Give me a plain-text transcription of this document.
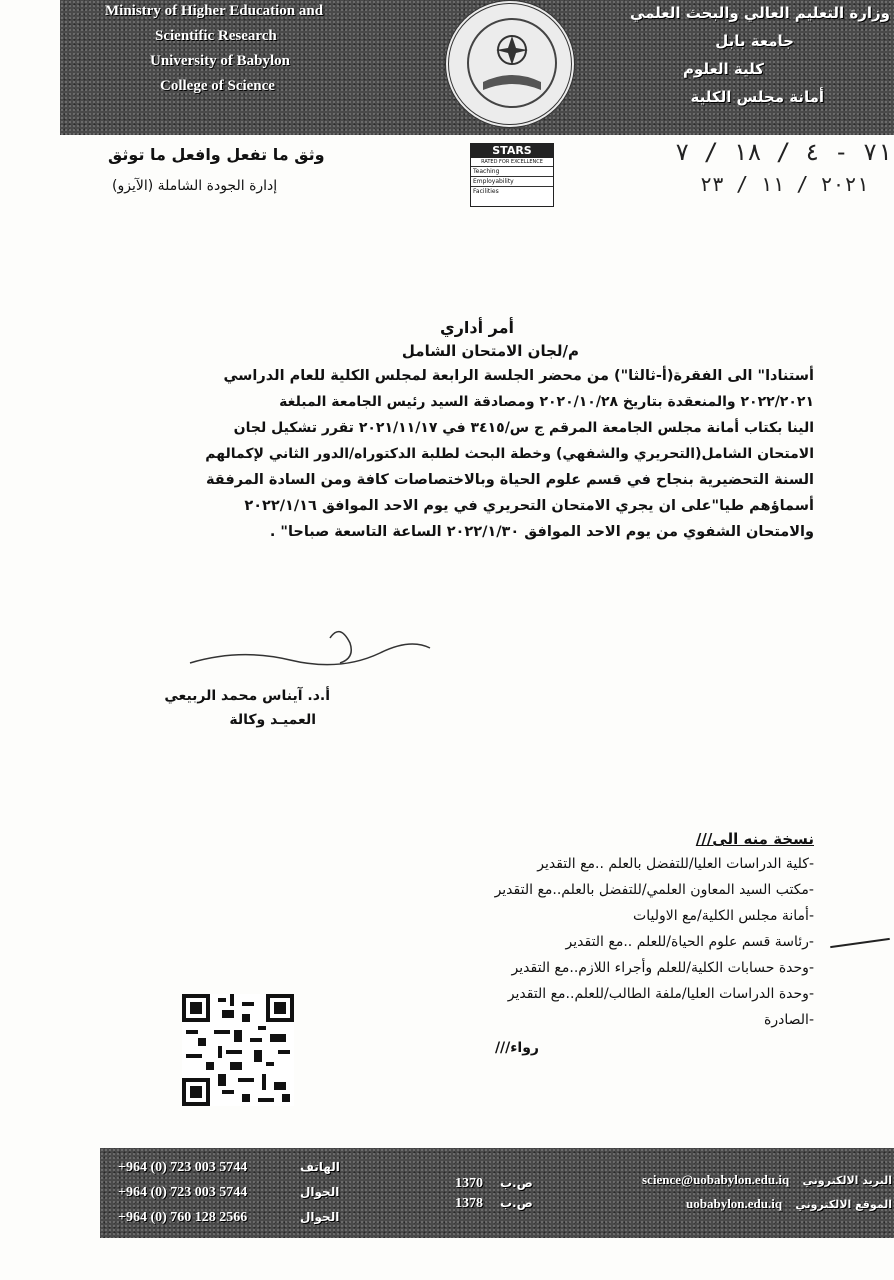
Ministry of Higher Education and
Scientific Research
University of Babylon
College of Science
وزارة التعليم العالي والبحث العلمي
جامعة بابل
كلية العلوم
أمانة مجلس الكلية
وثق ما تفعل وافعل ما توثق
إدارة الجودة الشاملة (الآيزو)
STARS
RATED FOR EXCELLENCE
Teaching
Employability
Facilities
٧١ - ٤ / ١٨ / ٧
٢٠٢١ / ١١ / ٢٣
أمر أداري
م/لجان الامتحان الشامل
أستنادا" الى الفقرة(أ-ثالثا") من محضر الجلسة الرابعة لمجلس الكلية للعام الدراسي
٢٠٢٢/٢٠٢١ والمنعقدة بتاريخ ٢٠٢٠/١٠/٢٨ ومصادقة السيد رئيس الجامعة المبلغة
الينا بكتاب أمانة مجلس الجامعة المرقم ج س/٣٤١٥ في ٢٠٢١/١١/١٧ تقرر تشكيل لجان
الامتحان الشامل(التحريري والشفهي) وخطة البحث لطلبة الدكتوراه/الدور الثاني لإكمالهم
السنة التحضيرية بنجاح في قسم علوم الحياة وبالاختصاصات كافة ومن السادة المرفقة
أسماؤهم طيا"على ان يجري الامتحان التحريري في يوم الاحد الموافق ٢٠٢٢/١/١٦
والامتحان الشفوي من يوم الاحد الموافق ٢٠٢٢/١/٣٠ الساعة التاسعة صباحا" .
أ.د. آيناس محمد الربيعي
العميـد وكالة
نسخة منه الى///
-كلية الدراسات العليا/للتفضل بالعلم ..مع التقدير
-مكتب السيد المعاون العلمي/للتفضل بالعلم..مع التقدير
-أمانة مجلس الكلية/مع الاوليات
-رئاسة قسم علوم الحياة/للعلم ..مع التقدير
-وحدة حسابات الكلية/للعلم وأجراء اللازم..مع التقدير
-وحدة الدراسات العليا/ملفة الطالب/للعلم..مع التقدير
-الصادرة
رواء///
+964 (0) 723 003 5744
+964 (0) 723 003 5744
+964 (0) 760 128 2566
الهاتف
الجوال
الجوال
1370
1378
ص.ب
ص.ب
science@uobabylon.edu.iq
uobabylon.edu.iq
البريد الالكتروني
الموقع الالكتروني
